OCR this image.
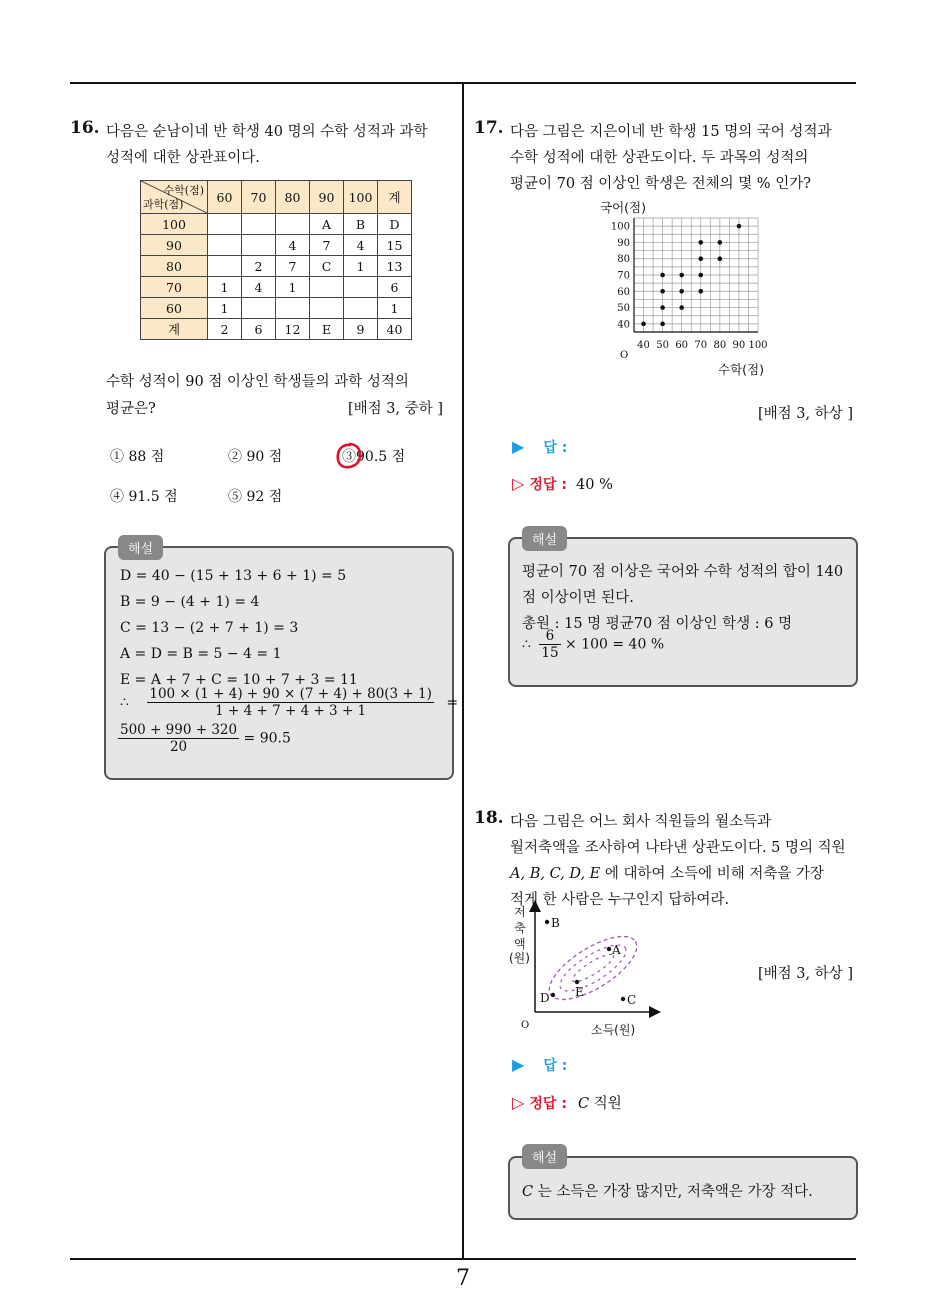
7
16. 다음은 순남이네 반 학생 40 명의 수학 성적과 과학
성적에 대한 상관표이다.
수학(점)
과학(점)	60	70	80	90	100	계
100				A	B	D
90			4	7	4	15
80		2	7	C	1	13
70	1	4	1			6
60	1					1
계	2	6	12	E	9	40
수학 성적이 90 점 이상인 학생들의 과학 성적의
평균은?	[배점 3, 중하 ]
① 88 점	② 90 점	③90.5 점
④ 91.5 점	⑤ 92 점
해설
D = 40 − (15 + 13 + 6 + 1) = 5
B = 9 − (4 + 1) = 4
C = 13 − (2 + 7 + 1) = 3
A = D = B = 5 − 4 = 1
E = A + 7 + C = 10 + 7 + 3 = 11
∴ $\frac{100 \times (1 + 4) + 90 \times (7 + 4) + 80(3 + 1)}{1 + 4 + 7 + 4 + 3 + 1}$ =
$\frac{500 + 990 + 320}{20} = 90.5$
17. 다음 그림은 지은이네 반 학생 15 명의 국어 성적과
수학 성적에 대한 상관도이다. 두 과목의 성적의
평균이 70 점 이상인 학생은 전체의 몇 % 인가?
국어(점)
40
50
60
70
80
90
100
40 50 60 70 80 90 100
O
수학(점)
[배점 3, 하상 ]
▶ 답 :
▷ 정답 : 40 %
해설
평균이 70 점 이상은 국어와 수학 성적의 합이 140
점 이상이면 된다.
총원 : 15 명 평균70 점 이상인 학생 : 6 명
∴ $\frac{6}{15} \times 100 = 40$ %
18. 다음 그림은 어느 회사 직원들의 월소득과
월저축액을 조사하여 나타낸 상관도이다. 5 명의 직원
A, B, C, D, E 에 대하여 소득에 비해 저축을 가장
적게 한 사람은 누구인지 답하여라.
저
축
액
(원)
B
A
D E
C
O	소득(원)
[배점 3, 하상 ]
▶ 답 :
▷ 정답 : C 직원
해설
C 는 소득은 가장 많지만, 저축액은 가장 적다.
